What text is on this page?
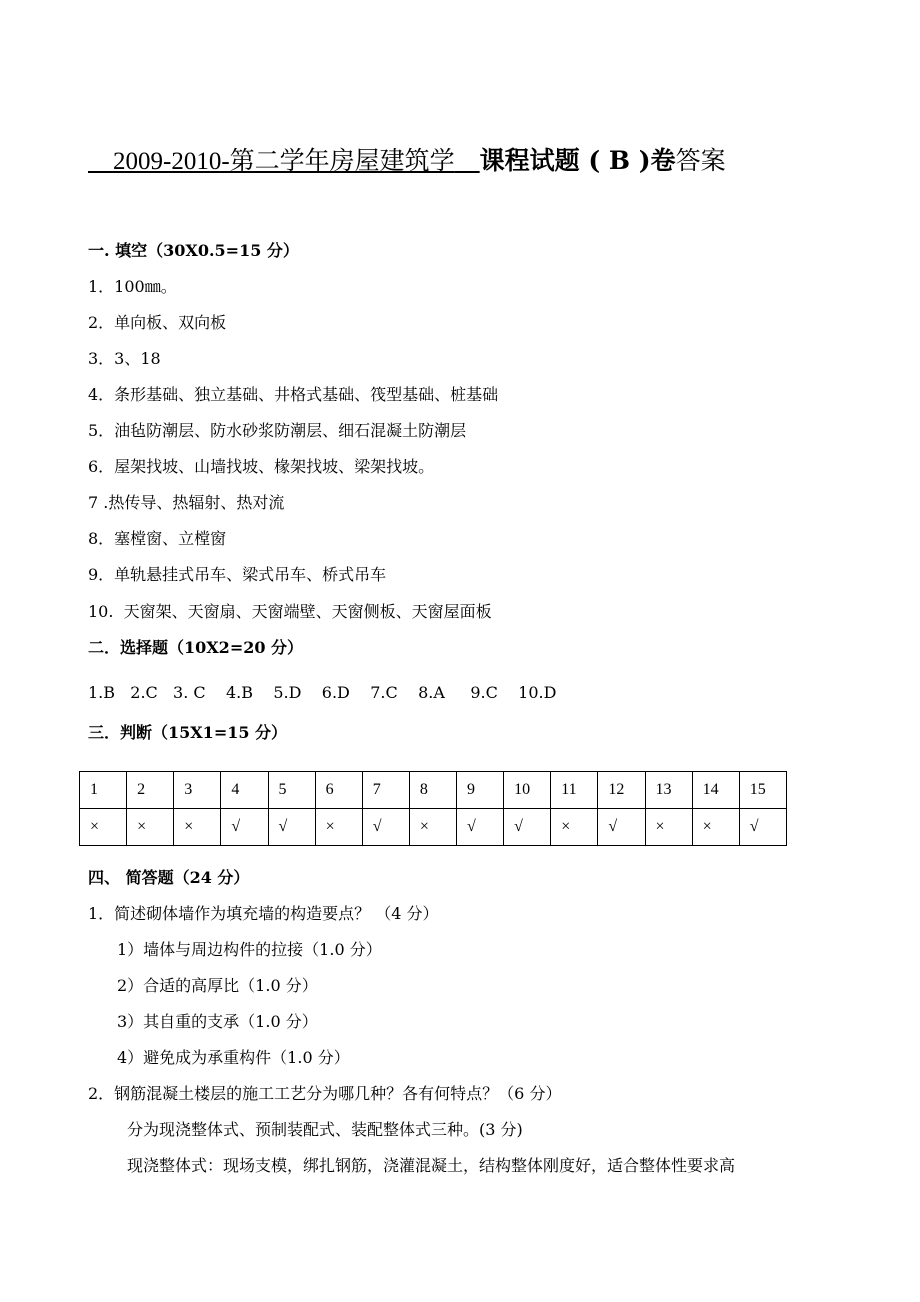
2009-2010-第二学年房屋建筑学 课程试题 ( B )卷答案
一. 填空（30X0.5=15 分）
1．100㎜。
2．单向板、双向板
3．3、18
4．条形基础、独立基础、井格式基础、筏型基础、桩基础
5．油毡防潮层、防水砂浆防潮层、细石混凝土防潮层
6．屋架找坡、山墙找坡、椽架找坡、梁架找坡。
7 .热传导、热辐射、热对流
8．塞樘窗、立樘窗
9．单轨悬挂式吊车、梁式吊车、桥式吊车
10.  天窗架、天窗扇、天窗端壁、天窗侧板、天窗屋面板
二．选择题（10X2=20 分）
1.B   2.C   3. C    4.B    5.D    6.D    7.C    8.A     9.C    10.D
三．判断（15X1=15 分）
1	2	3	4	5	6	7	8	9	10	11	12	13	14	15
×	×	×	√	√	×	√	×	√	√	×	√	×	×	√
四、 简答题（24 分）
1．简述砌体墙作为填充墙的构造要点？ （4 分）
1）墙体与周边构件的拉接（1.0 分）
2）合适的高厚比（1.0 分）
3）其自重的支承（1.0 分）
4）避免成为承重构件（1.0 分）
2．钢筋混凝土楼层的施工工艺分为哪几种？各有何特点？（6 分）
分为现浇整体式、预制装配式、装配整体式三种。(3 分)
现浇整体式：现场支模，绑扎钢筋，浇灌混凝土，结构整体刚度好，适合整体性要求高
